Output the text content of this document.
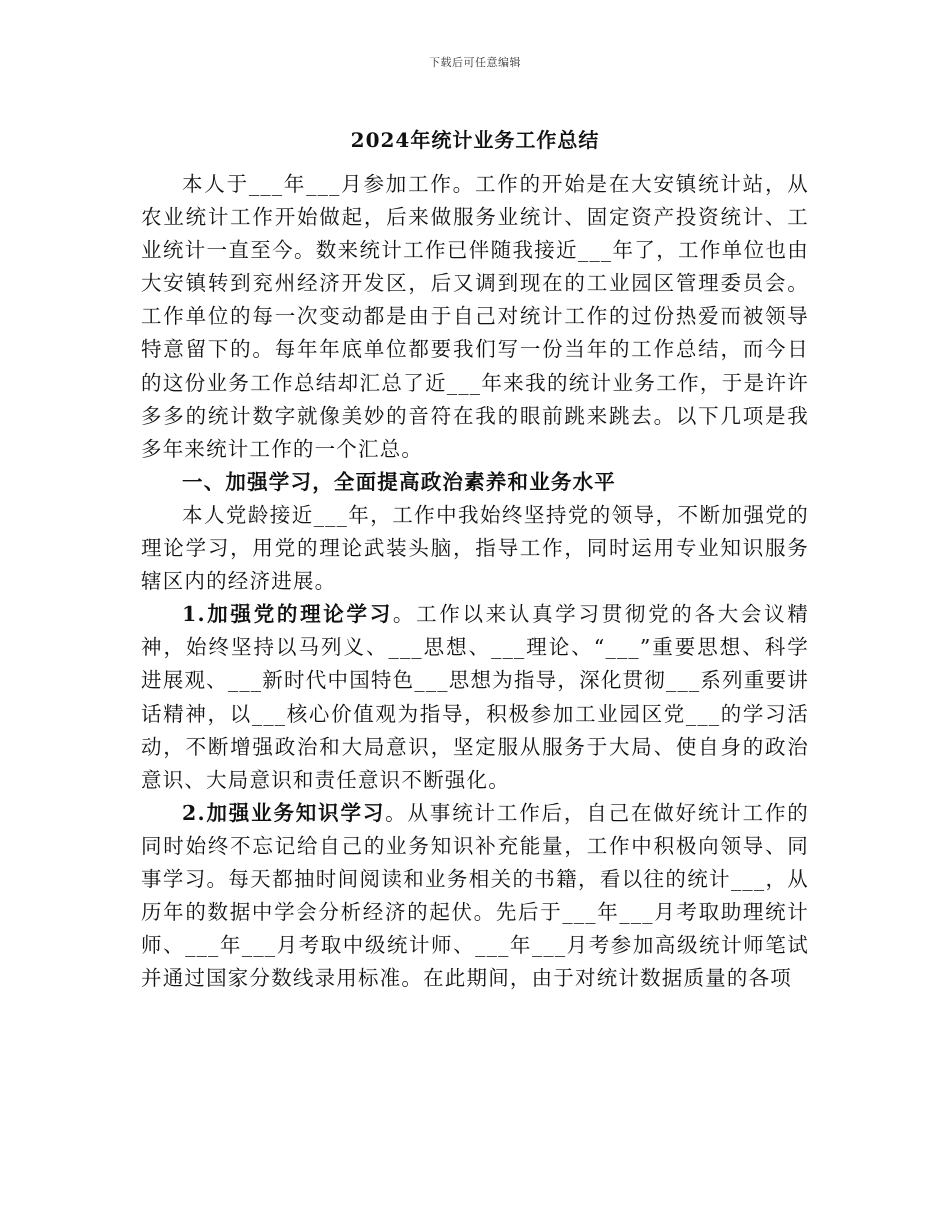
下载后可任意编辑
2024年统计业务工作总结

本人于___年___月参加工作。工作的开始是在大安镇统计站，从农业统计工作开始做起，后来做服务业统计、固定资产投资统计、工业统计一直至今。数来统计工作已伴随我接近___年了，工作单位也由大安镇转到兖州经济开发区，后又调到现在的工业园区管理委员会。工作单位的每一次变动都是由于自己对统计工作的过份热爱而被领导特意留下的。每年年底单位都要我们写一份当年的工作总结，而今日的这份业务工作总结却汇总了近___年来我的统计业务工作，于是许许多多的统计数字就像美妙的音符在我的眼前跳来跳去。以下几项是我多年来统计工作的一个汇总。

一、加强学习，全面提高政治素养和业务水平

本人党龄接近___年，工作中我始终坚持党的领导，不断加强党的理论学习，用党的理论武装头脑，指导工作，同时运用专业知识服务辖区内的经济进展。

1.加强党的理论学习。工作以来认真学习贯彻党的各大会议精神，始终坚持以马列义、___思想、___理论、“___”重要思想、科学进展观、___新时代中国特色___思想为指导，深化贯彻___系列重要讲话精神，以___核心价值观为指导，积极参加工业园区党___的学习活动，不断增强政治和大局意识，坚定服从服务于大局、使自身的政治意识、大局意识和责任意识不断强化。

2.加强业务知识学习。从事统计工作后，自己在做好统计工作的同时始终不忘记给自己的业务知识补充能量，工作中积极向领导、同事学习。每天都抽时间阅读和业务相关的书籍，看以往的统计___，从历年的数据中学会分析经济的起伏。先后于___年___月考取助理统计师、___年___月考取中级统计师、___年___月考参加高级统计师笔试并通过国家分数线录用标准。在此期间，由于对统计数据质量的各项
